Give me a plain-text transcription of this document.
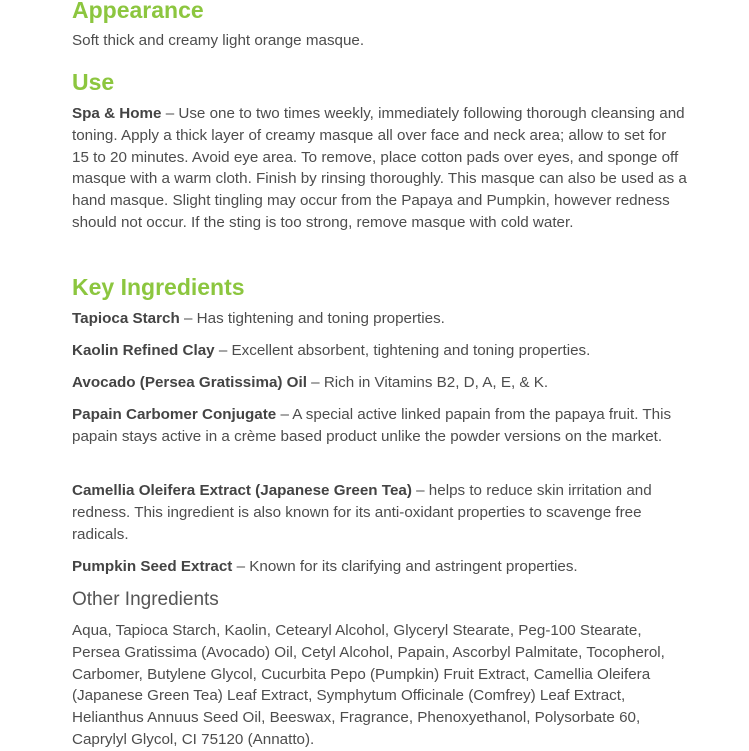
Appearance

Soft thick and creamy light orange masque.

Use

Spa & Home – Use one to two times weekly, immediately following thorough cleansing and toning. Apply a thick layer of creamy masque all over face and neck area; allow to set for 15 to 20 minutes. Avoid eye area. To remove, place cotton pads over eyes, and sponge off masque with a warm cloth. Finish by rinsing thoroughly. This masque can also be used as a hand masque. Slight tingling may occur from the Papaya and Pumpkin, however redness should not occur. If the sting is too strong, remove masque with cold water.

Key Ingredients

Tapioca Starch – Has tightening and toning properties.

Kaolin Refined Clay – Excellent absorbent, tightening and toning properties.

Avocado (Persea Gratissima) Oil – Rich in Vitamins B2, D, A, E, & K.

Papain Carbomer Conjugate – A special active linked papain from the papaya fruit. This papain stays active in a crème based product unlike the powder versions on the market.

Camellia Oleifera Extract (Japanese Green Tea) – helps to reduce skin irritation and redness. This ingredient is also known for its anti-oxidant properties to scavenge free radicals.

Pumpkin Seed Extract – Known for its clarifying and astringent properties.

Other Ingredients

Aqua, Tapioca Starch, Kaolin, Cetearyl Alcohol, Glyceryl Stearate, Peg-100 Stearate, Persea Gratissima (Avocado) Oil, Cetyl Alcohol, Papain, Ascorbyl Palmitate, Tocopherol, Carbomer, Butylene Glycol, Cucurbita Pepo (Pumpkin) Fruit Extract, Camellia Oleifera (Japanese Green Tea) Leaf Extract, Symphytum Officinale (Comfrey) Leaf Extract, Helianthus Annuus Seed Oil, Beeswax, Fragrance, Phenoxyethanol, Polysorbate 60, Caprylyl Glycol, CI 75120 (Annatto).
